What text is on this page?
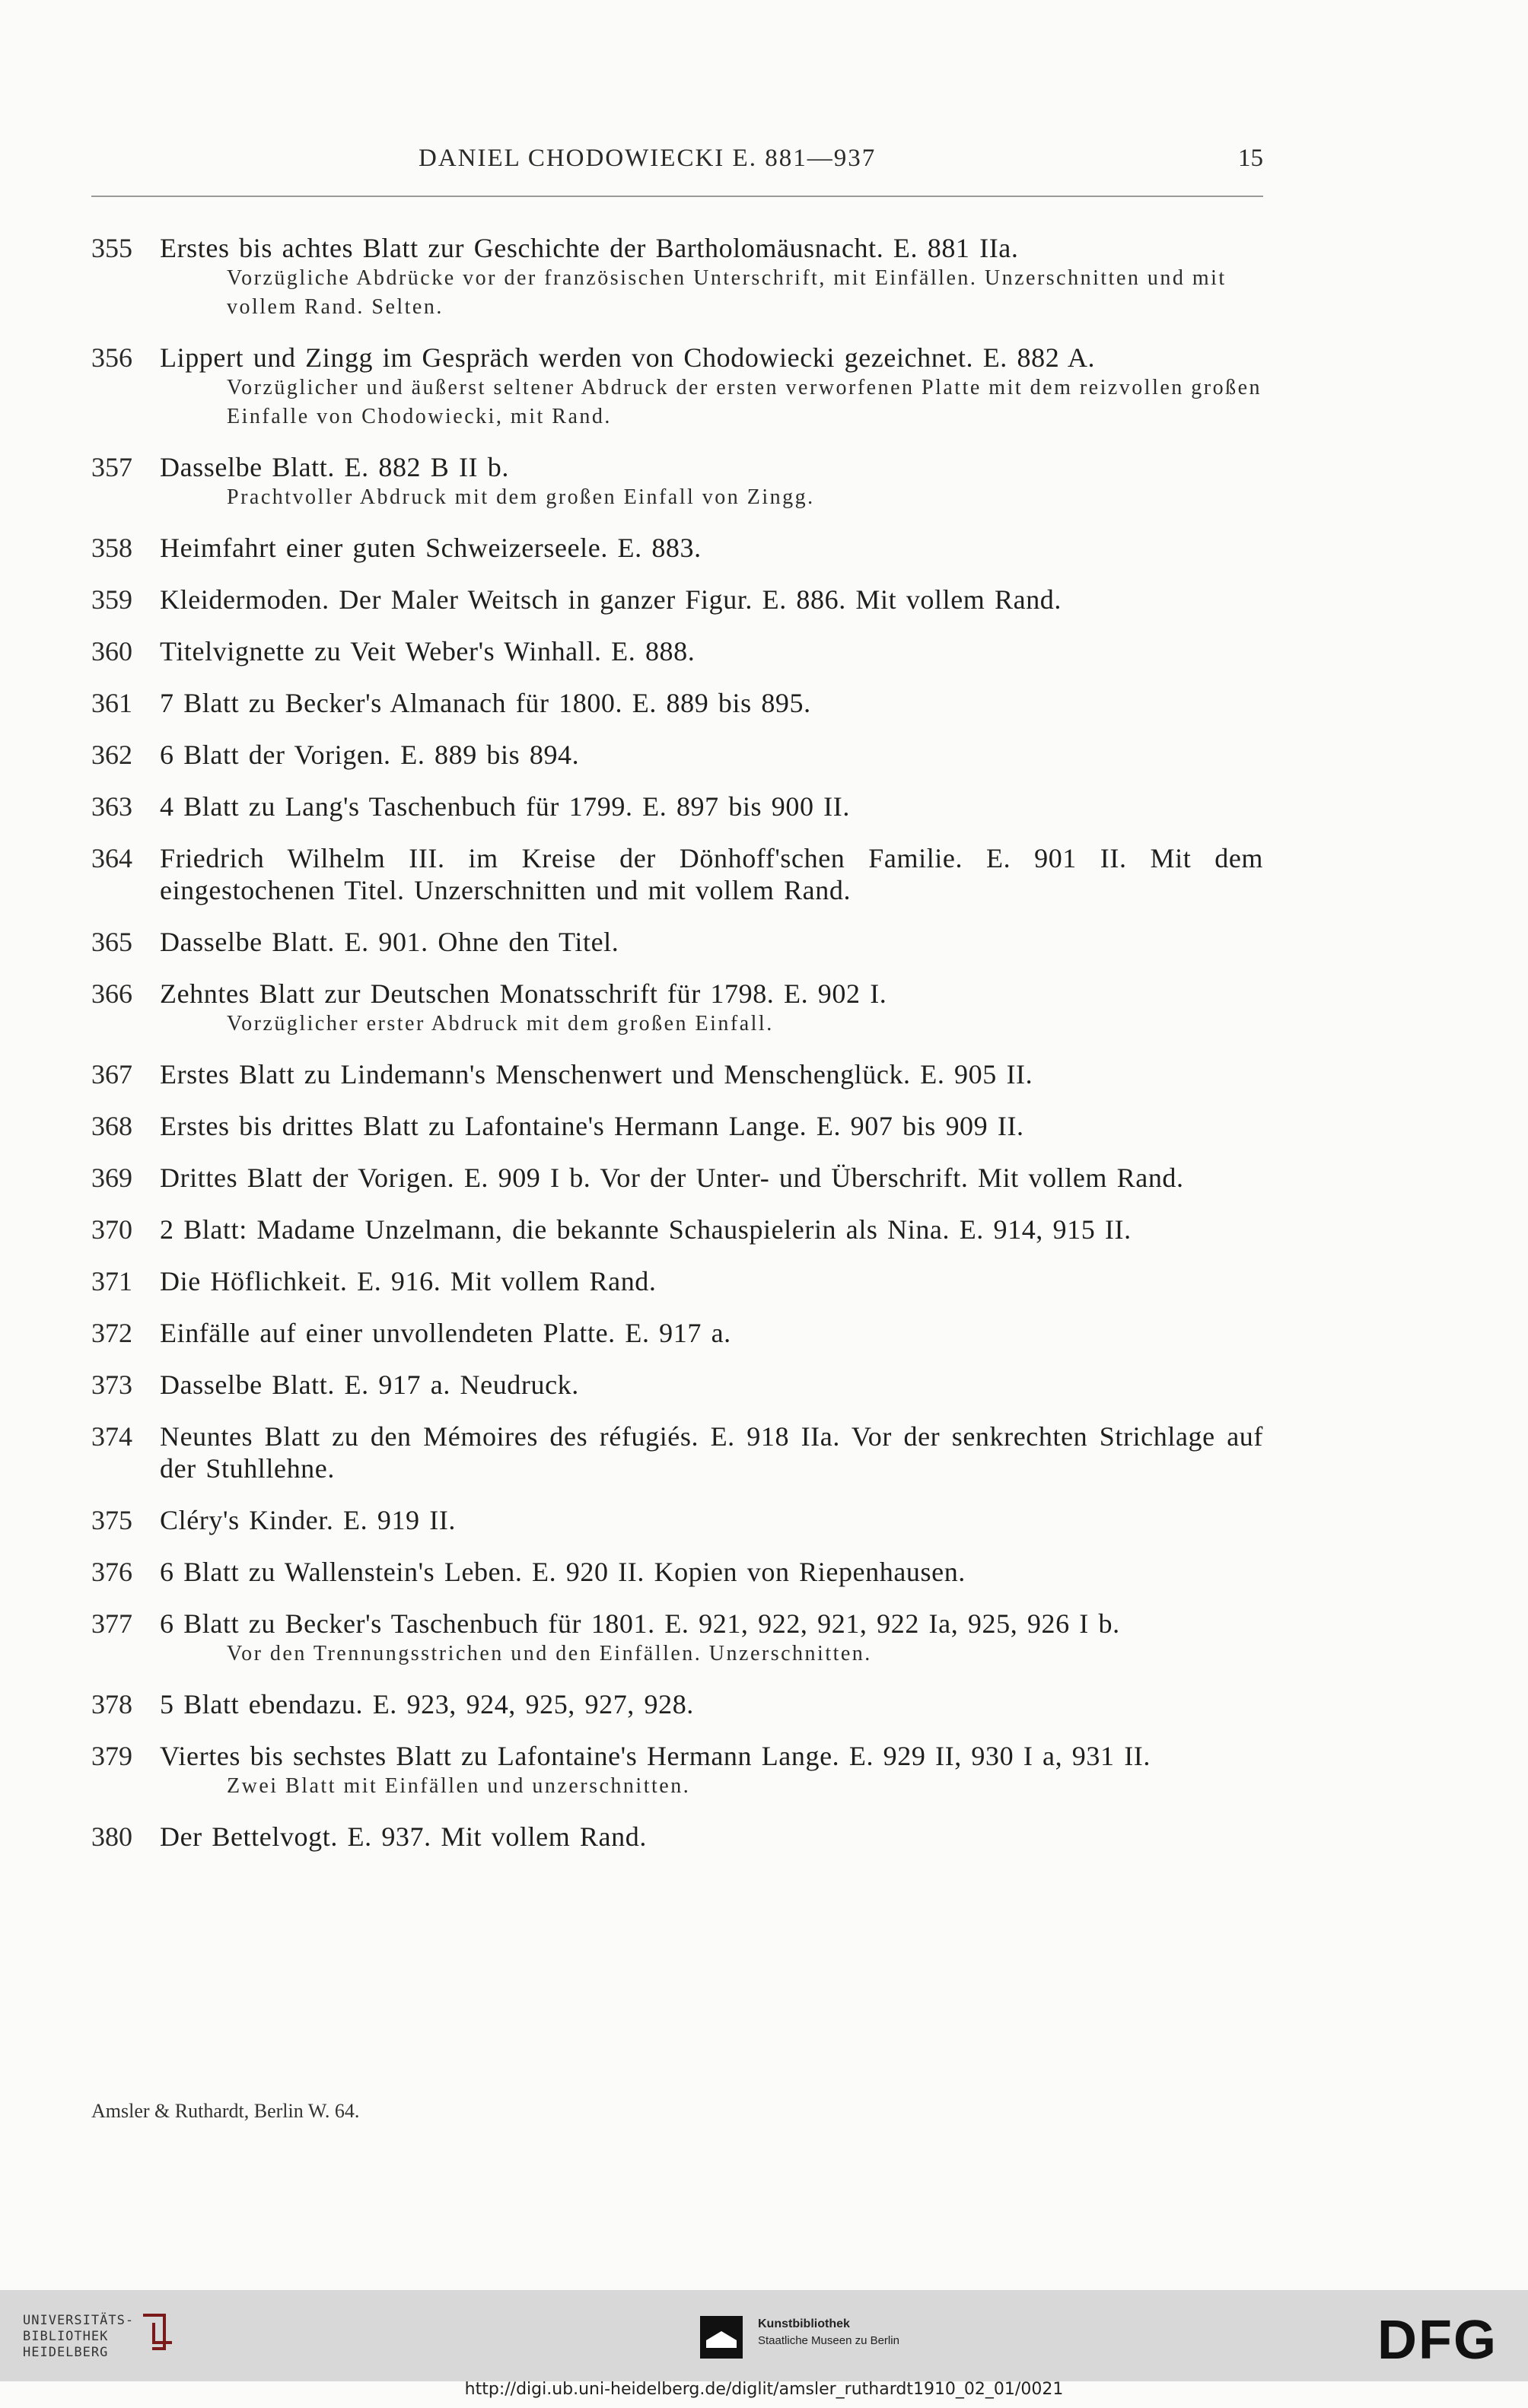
DANIEL CHODOWIECKI E. 881—937	15
355 Erstes bis achtes Blatt zur Geschichte der Bartholomäusnacht. E. 881 IIa.
Vorzügliche Abdrücke vor der französischen Unterschrift, mit Einfällen. Unzerschnitten und mit vollem Rand. Selten.
356 Lippert und Zingg im Gespräch werden von Chodowiecki gezeichnet. E. 882 A.
Vorzüglicher und äußerst seltener Abdruck der ersten verworfenen Platte mit dem reizvollen großen Einfalle von Chodowiecki, mit Rand.
357 Dasselbe Blatt. E. 882 B II b.
Prachtvoller Abdruck mit dem großen Einfall von Zingg.
358 Heimfahrt einer guten Schweizerseele. E. 883.
359 Kleidermoden. Der Maler Weitsch in ganzer Figur. E. 886. Mit vollem Rand.
360 Titelvignette zu Veit Weber's Winhall. E. 888.
361 7 Blatt zu Becker's Almanach für 1800. E. 889 bis 895.
362 6 Blatt der Vorigen. E. 889 bis 894.
363 4 Blatt zu Lang's Taschenbuch für 1799. E. 897 bis 900 II.
364 Friedrich Wilhelm III. im Kreise der Dönhoff'schen Familie. E. 901 II. Mit dem eingestochenen Titel. Unzerschnitten und mit vollem Rand.
365 Dasselbe Blatt. E. 901. Ohne den Titel.
366 Zehntes Blatt zur Deutschen Monatsschrift für 1798. E. 902 I.
Vorzüglicher erster Abdruck mit dem großen Einfall.
367 Erstes Blatt zu Lindemann's Menschenwert und Menschenglück. E. 905 II.
368 Erstes bis drittes Blatt zu Lafontaine's Hermann Lange. E. 907 bis 909 II.
369 Drittes Blatt der Vorigen. E. 909 I b. Vor der Unter- und Überschrift. Mit vollem Rand.
370 2 Blatt: Madame Unzelmann, die bekannte Schauspielerin als Nina. E. 914, 915 II.
371 Die Höflichkeit. E. 916. Mit vollem Rand.
372 Einfälle auf einer unvollendeten Platte. E. 917 a.
373 Dasselbe Blatt. E. 917 a. Neudruck.
374 Neuntes Blatt zu den Mémoires des réfugiés. E. 918 IIa. Vor der senkrechten Strichlage auf der Stuhllehne.
375 Cléry's Kinder. E. 919 II.
376 6 Blatt zu Wallenstein's Leben. E. 920 II. Kopien von Riepenhausen.
377 6 Blatt zu Becker's Taschenbuch für 1801. E. 921, 922, 921, 922 Ia, 925, 926 I b.
Vor den Trennungsstrichen und den Einfällen. Unzerschnitten.
378 5 Blatt ebendazu. E. 923, 924, 925, 927, 928.
379 Viertes bis sechstes Blatt zu Lafontaine's Hermann Lange. E. 929 II, 930 I a, 931 II.
Zwei Blatt mit Einfällen und unzerschnitten.
380 Der Bettelvogt. E. 937. Mit vollem Rand.
Amsler & Ruthardt, Berlin W. 64.
UNIVERSITÄTS-
BIBLIOTHEK
HEIDELBERG
Kunstbibliothek
Staatliche Museen zu Berlin	DFG
http://digi.ub.uni-heidelberg.de/diglit/amsler_ruthardt1910_02_01/0021
